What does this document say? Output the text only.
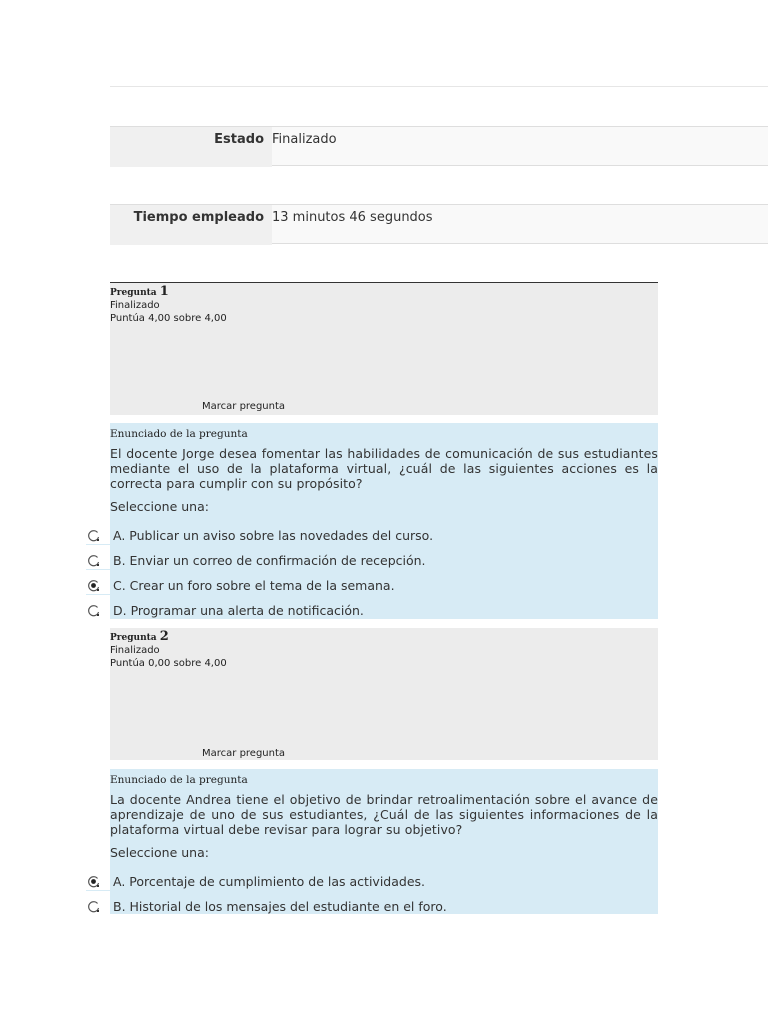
Estado Finalizado
Tiempo empleado 13 minutos 46 segundos
Pregunta 1
Finalizado
Puntúa 4,00 sobre 4,00
Marcar pregunta
Enunciado de la pregunta
El docente Jorge desea fomentar las habilidades de comunicación de sus estudiantes mediante el uso de la plataforma virtual, ¿cuál de las siguientes acciones es la correcta para cumplir con su propósito?
Seleccione una:
A. Publicar un aviso sobre las novedades del curso.
B. Enviar un correo de confirmación de recepción.
C. Crear un foro sobre el tema de la semana.
D. Programar una alerta de notificación.
Pregunta 2
Finalizado
Puntúa 0,00 sobre 4,00
Marcar pregunta
Enunciado de la pregunta
La docente Andrea tiene el objetivo de brindar retroalimentación sobre el avance de aprendizaje de uno de sus estudiantes, ¿Cuál de las siguientes informaciones de la plataforma virtual debe revisar para lograr su objetivo?
Seleccione una:
A. Porcentaje de cumplimiento de las actividades.
B. Historial de los mensajes del estudiante en el foro.
